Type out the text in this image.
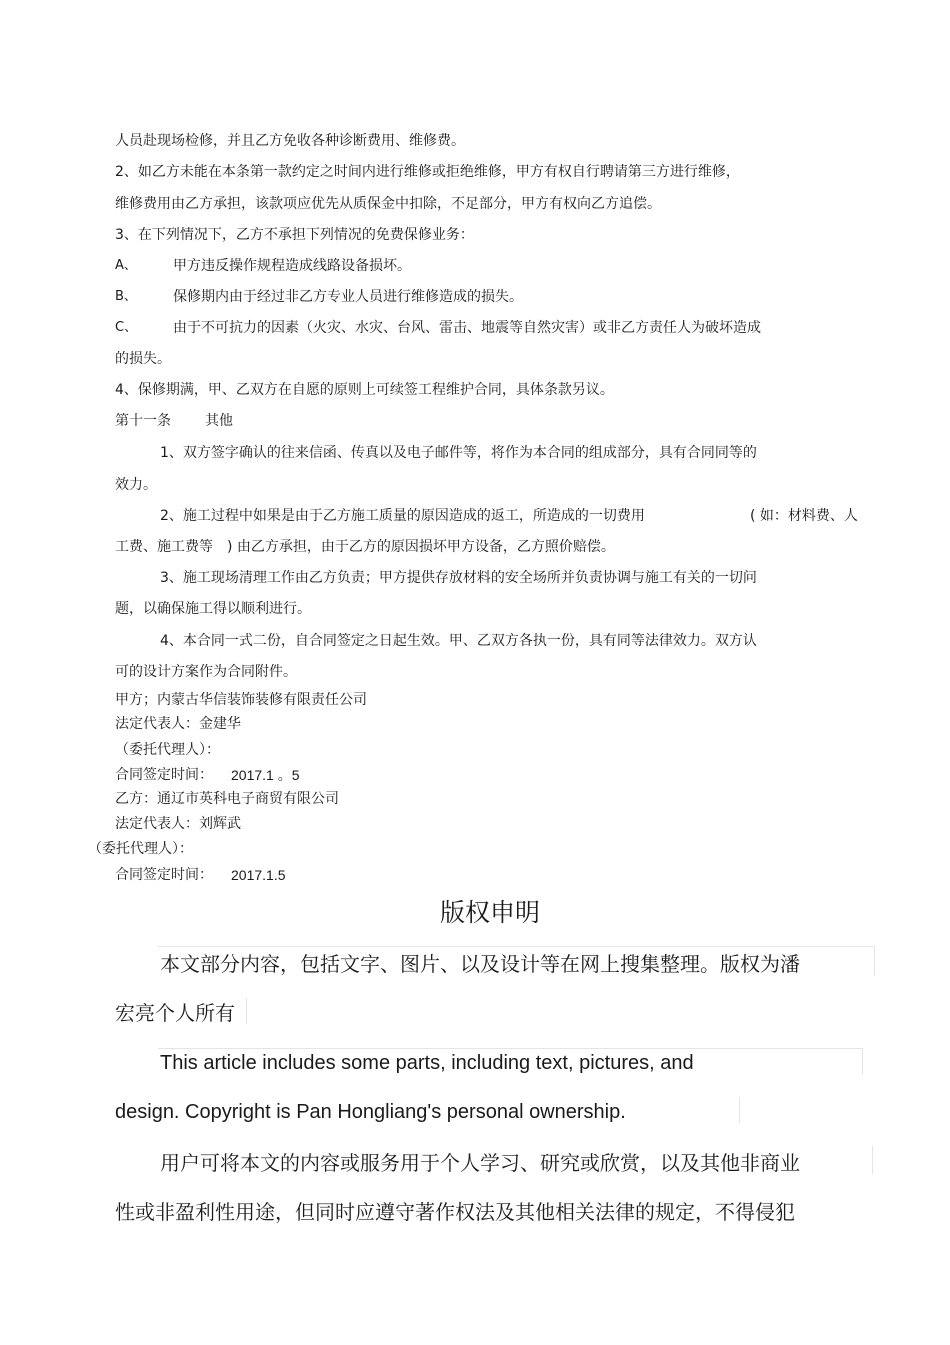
人员赴现场检修，并且乙方免收各种诊断费用、维修费。
2、如乙方未能在本条第一款约定之时间内进行维修或拒绝维修，甲方有权自行聘请第三方进行维修，
维修费用由乙方承担，该款项应优先从质保金中扣除，不足部分，甲方有权向乙方追偿。
3、在下列情况下，乙方不承担下列情况的免费保修业务：
A、	甲方违反操作规程造成线路设备损坏。
B、	保修期内由于经过非乙方专业人员进行维修造成的损失。
C、	由于不可抗力的因素（火灾、水灾、台风、雷击、地震等自然灾害）或非乙方责任人为破坏造成
的损失。
4、保修期满，甲、乙双方在自愿的原则上可续签工程维护合同，具体条款另议。
第十一条 其他
1、双方签字确认的往来信函、传真以及电子邮件等，将作为本合同的组成部分，具有合同同等的
效力。
2、施工过程中如果是由于乙方施工质量的原因造成的返工，所造成的一切费用	( 如：材料费、人
工费、施工费等　) 由乙方承担，由于乙方的原因损坏甲方设备，乙方照价赔偿。
3、施工现场清理工作由乙方负责；甲方提供存放材料的安全场所并负责协调与施工有关的一切问
题，以确保施工得以顺利进行。
4、本合同一式二份，自合同签定之日起生效。甲、乙双方各执一份，具有同等法律效力。双方认
可的设计方案作为合同附件。
甲方；内蒙古华信装饰装修有限责任公司
法定代表人：金建华
（委托代理人）：
合同签定时间： 2017.1 。5
乙方：通辽市英科电子商贸有限公司
法定代表人：刘辉武
（委托代理人）：
合同签定时间： 2017.1.5
版权申明
本文部分内容，包括文字、图片、以及设计等在网上搜集整理。版权为潘
宏亮个人所有
This article includes some parts, including text, pictures, and
design. Copyright is Pan Hongliang's personal ownership.
用户可将本文的内容或服务用于个人学习、研究或欣赏，以及其他非商业
性或非盈利性用途，但同时应遵守著作权法及其他相关法律的规定，不得侵犯
